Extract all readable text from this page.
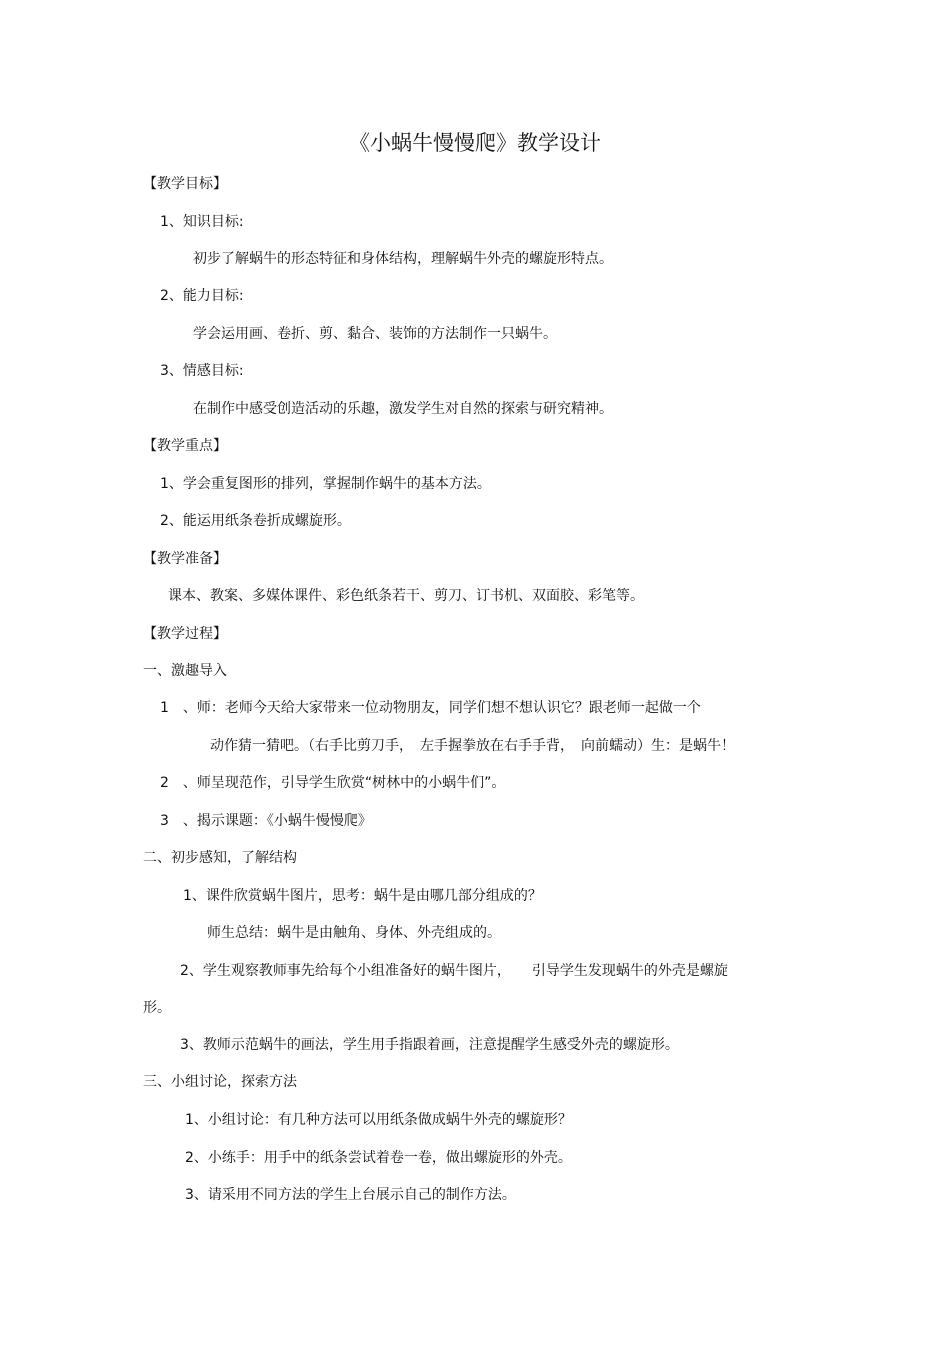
《小蜗牛慢慢爬》教学设计
【教学目标】
1、知识目标:
初步了解蜗牛的形态特征和身体结构，理解蜗牛外壳的螺旋形特点。
2、能力目标:
学会运用画、卷折、剪、黏合、装饰的方法制作一只蜗牛。
3、情感目标:
在制作中感受创造活动的乐趣，激发学生对自然的探索与研究精神。
【教学重点】
1、学会重复图形的排列，掌握制作蜗牛的基本方法。
2、能运用纸条卷折成螺旋形。
【教学准备】
课本、教案、多媒体课件、彩色纸条若干、剪刀、订书机、双面胶、彩笔等。
【教学过程】
一、激趣导入
1　、师：老师今天给大家带来一位动物朋友，同学们想不想认识它？跟老师一起做一个
动作猜一猜吧。（右手比剪刀手，　左手握拳放在右手手背，　向前蠕动）生：是蜗牛！
2　、师呈现范作，引导学生欣赏“树林中的小蜗牛们”。
3　、揭示课题：《小蜗牛慢慢爬》
二、初步感知，了解结构
1、课件欣赏蜗牛图片，思考：蜗牛是由哪几部分组成的？
师生总结：蜗牛是由触角、身体、外壳组成的。
2、学生观察教师事先给每个小组准备好的蜗牛图片，　　引导学生发现蜗牛的外壳是螺旋
形。
3、教师示范蜗牛的画法，学生用手指跟着画，注意提醒学生感受外壳的螺旋形。
三、小组讨论，探索方法
1、小组讨论：有几种方法可以用纸条做成蜗牛外壳的螺旋形？
2、小练手：用手中的纸条尝试着卷一卷，做出螺旋形的外壳。
3、请采用不同方法的学生上台展示自己的制作方法。
